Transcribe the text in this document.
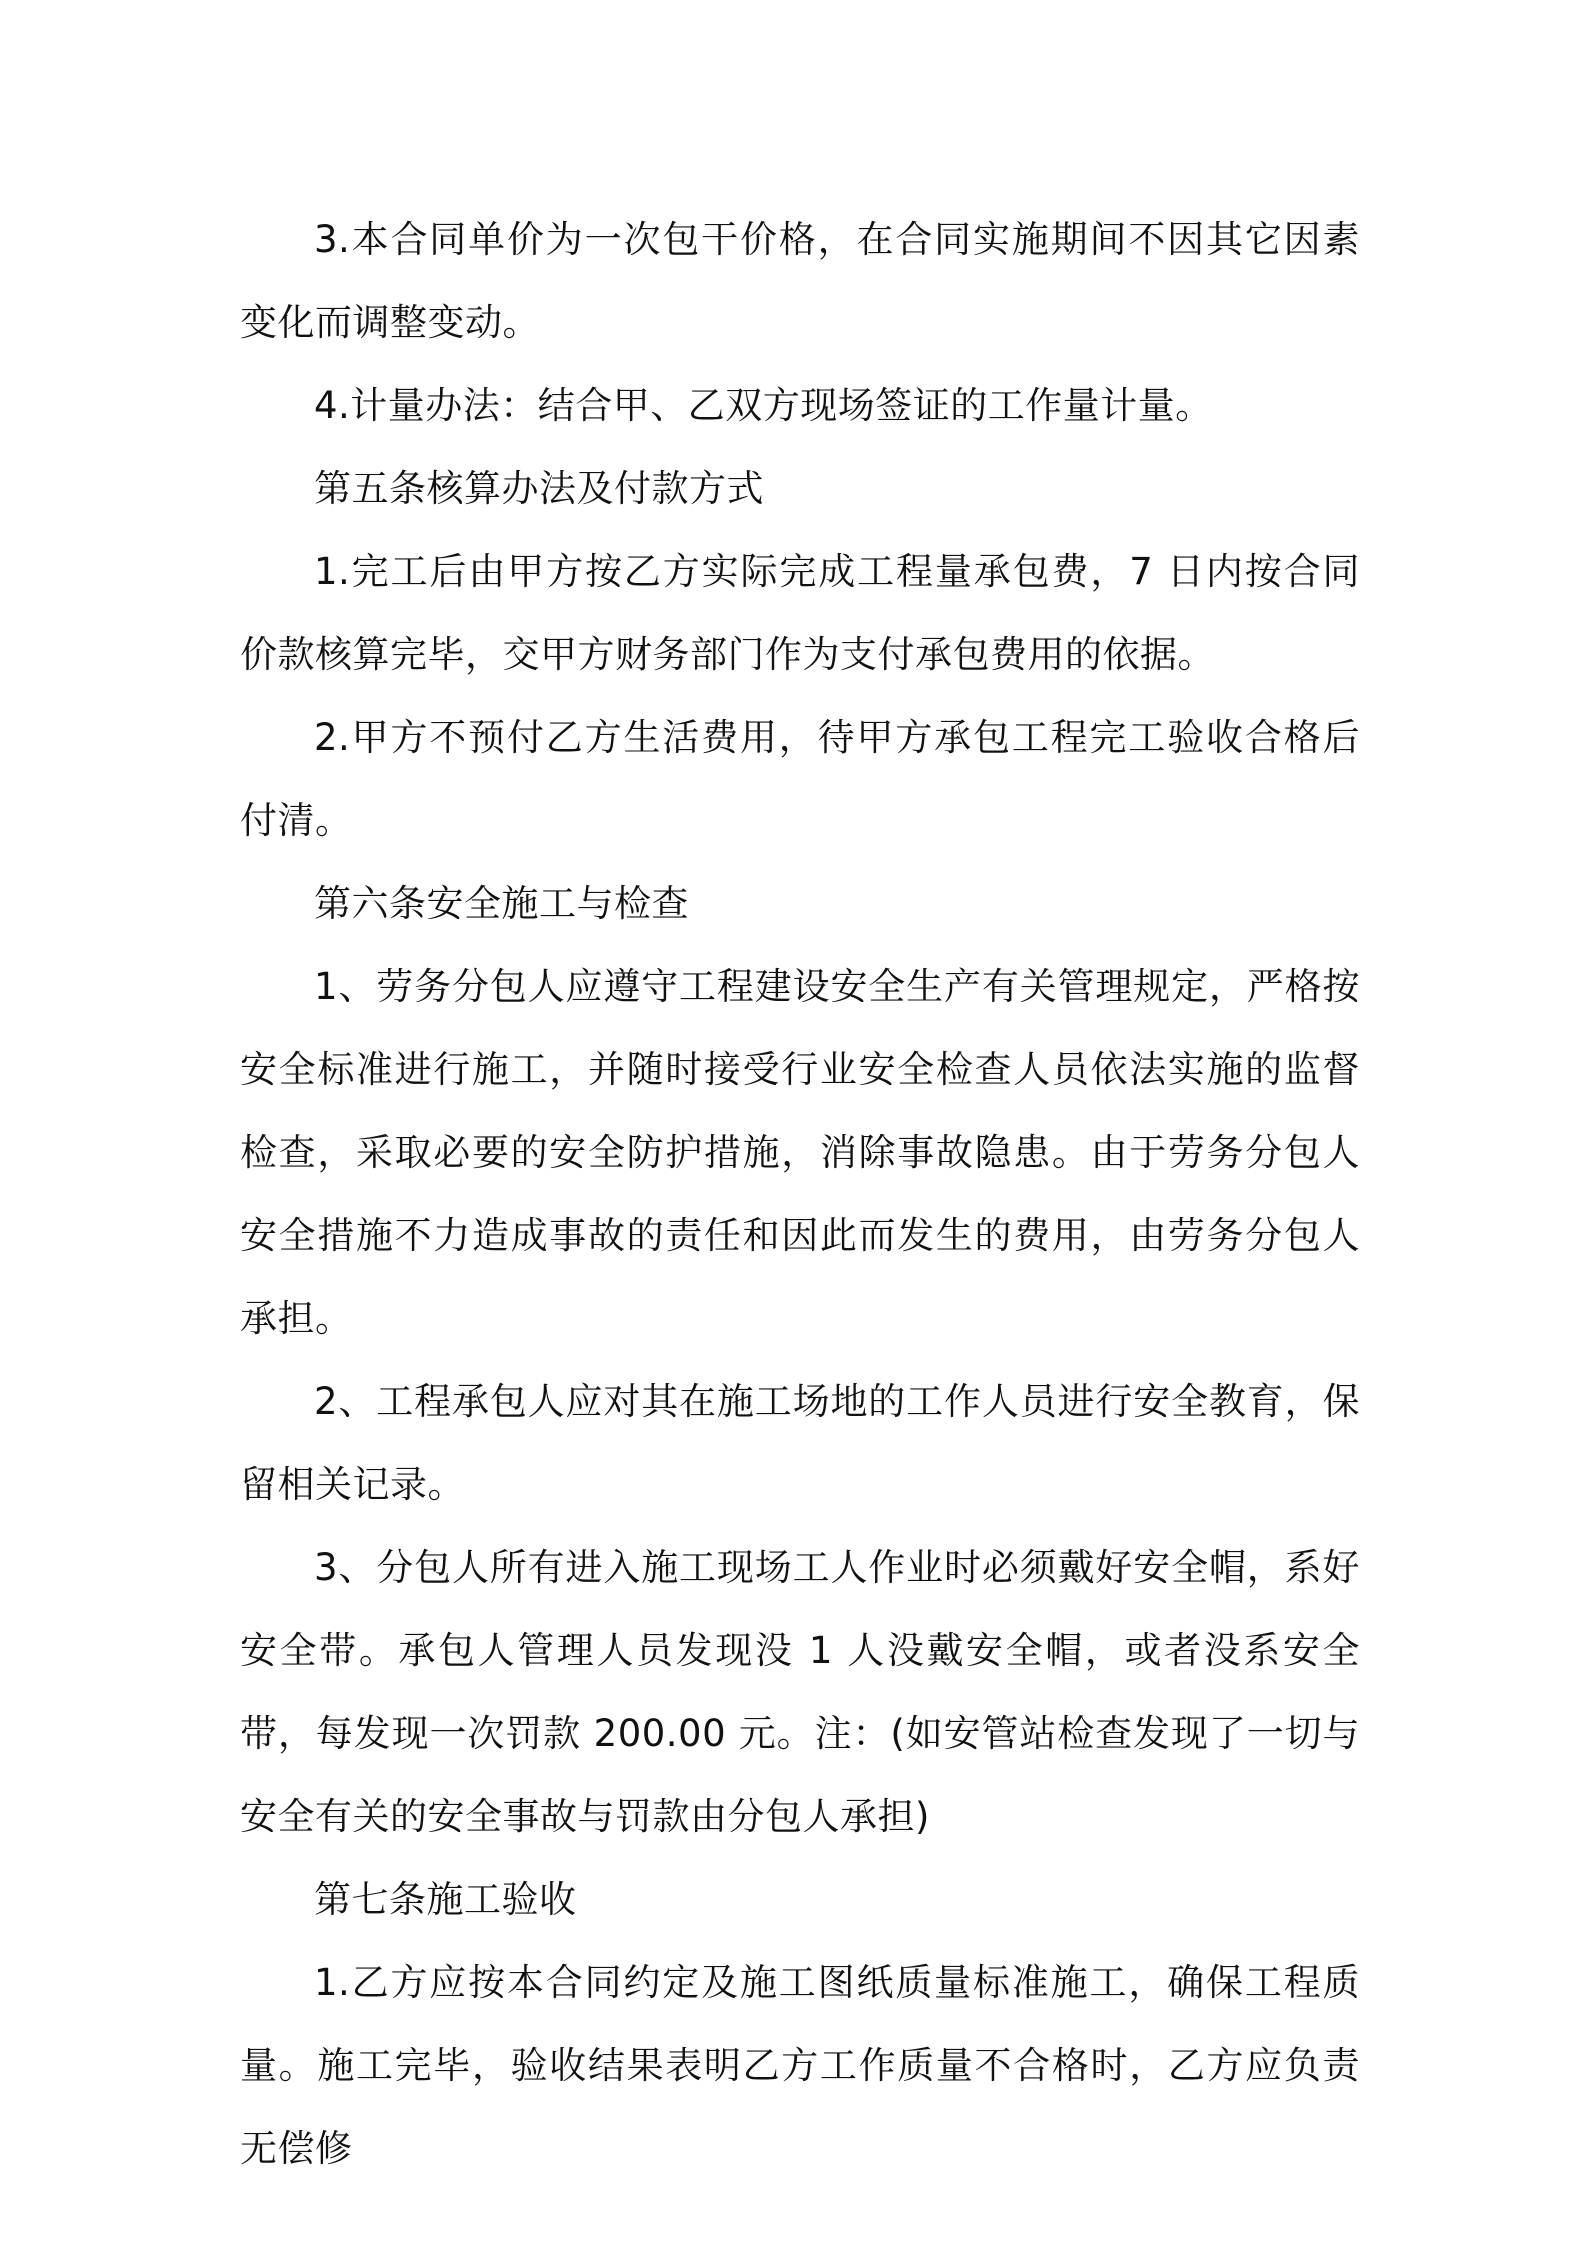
3.本合同单价为一次包干价格，在合同实施期间不因其它因素变化而调整变动。

4.计量办法：结合甲、乙双方现场签证的工作量计量。

第五条核算办法及付款方式

1.完工后由甲方按乙方实际完成工程量承包费，7 日内按合同价款核算完毕，交甲方财务部门作为支付承包费用的依据。

2.甲方不预付乙方生活费用，待甲方承包工程完工验收合格后付清。

第六条安全施工与检查

1、劳务分包人应遵守工程建设安全生产有关管理规定，严格按安全标准进行施工，并随时接受行业安全检查人员依法实施的监督检查，采取必要的安全防护措施，消除事故隐患。由于劳务分包人安全措施不力造成事故的责任和因此而发生的费用，由劳务分包人承担。

2、工程承包人应对其在施工场地的工作人员进行安全教育，保留相关记录。

3、分包人所有进入施工现场工人作业时必须戴好安全帽，系好安全带。承包人管理人员发现没 1 人没戴安全帽，或者没系安全带，每发现一次罚款 200.00 元。注：(如安管站检查发现了一切与安全有关的安全事故与罚款由分包人承担)

第七条施工验收

1.乙方应按本合同约定及施工图纸质量标准施工，确保工程质量。施工完毕，验收结果表明乙方工作质量不合格时，乙方应负责无偿修
